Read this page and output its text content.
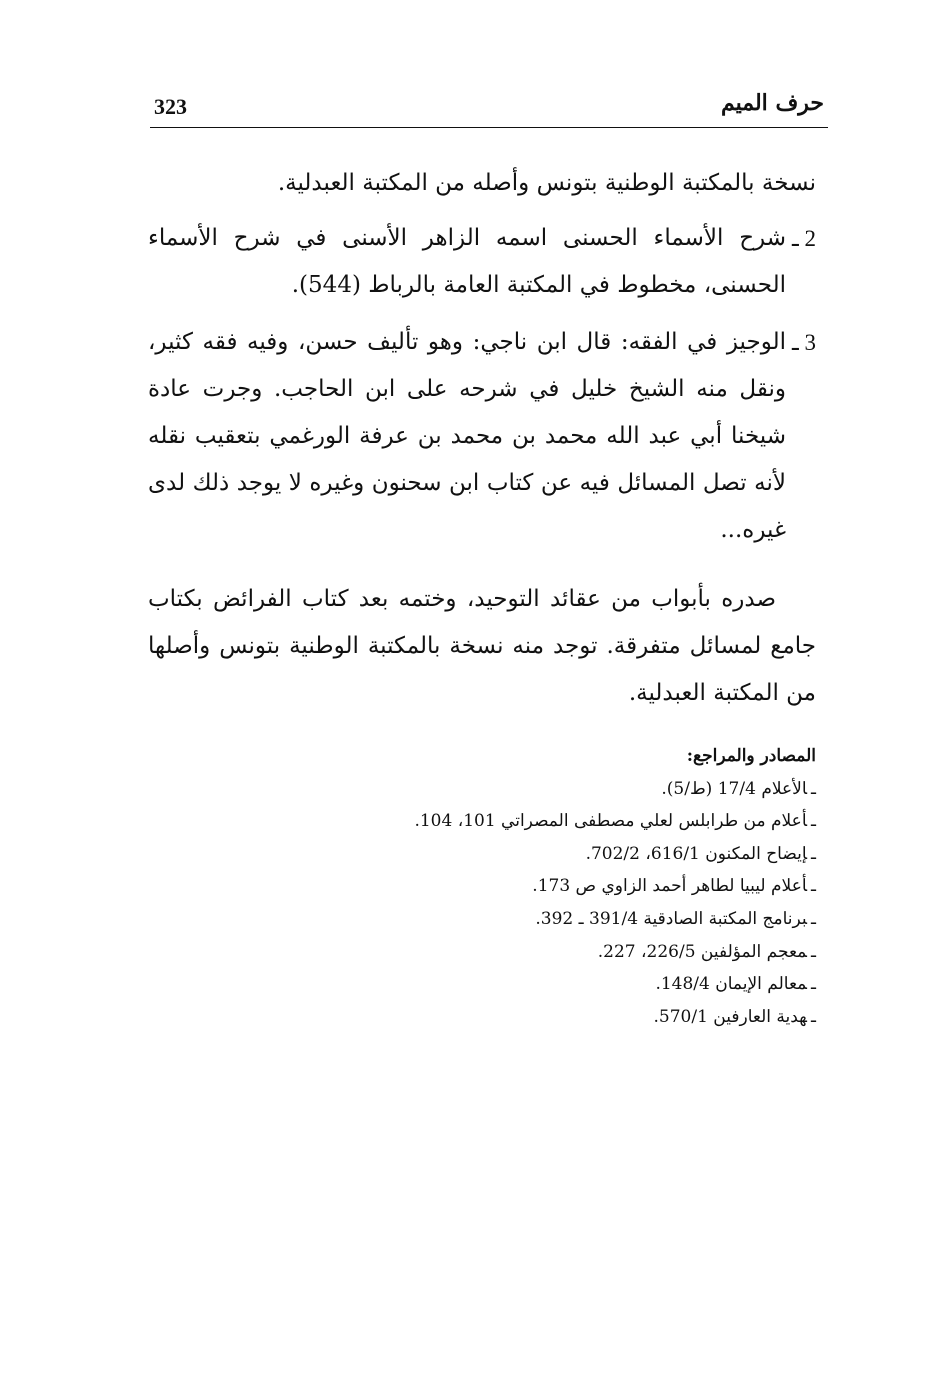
323	حرف الميم

نسخة بالمكتبة الوطنية بتونس وأصله من المكتبة العبدلية.

2 ـ
شرح الأسماء الحسنى اسمه الزاهر الأسنى في شرح الأسماء الحسنى، مخطوط في المكتبة العامة بالرباط (544).

3 ـ
الوجيز في الفقه: قال ابن ناجي: وهو تأليف حسن، وفيه فقه كثير، ونقل منه الشيخ خليل في شرحه على ابن الحاجب. وجرت عادة شيخنا أبي عبد الله محمد بن محمد بن عرفة الورغمي بتعقيب نقله لأنه تصل المسائل فيه عن كتاب ابن سحنون وغيره لا يوجد ذلك لدى غيره...

صدره بأبواب من عقائد التوحيد، وختمه بعد كتاب الفرائض بكتاب جامع لمسائل متفرقة. توجد منه نسخة بالمكتبة الوطنية بتونس وأصلها من المكتبة العبدلية.

المصادر والمراجع:

ـالأعلام 17/4 (ط/5).
ـأعلام من طرابلس لعلي مصطفى المصراتي 101، 104.
ـإيضاح المكنون 616/1، 702/2.
ـأعلام ليبيا لطاهر أحمد الزاوي ص 173.
ـبرنامج المكتبة الصادقية 391/4 ـ 392.
ـمعجم المؤلفين 226/5، 227.
ـمعالم الإيمان 148/4.
ـهدية العارفين 570/1.
